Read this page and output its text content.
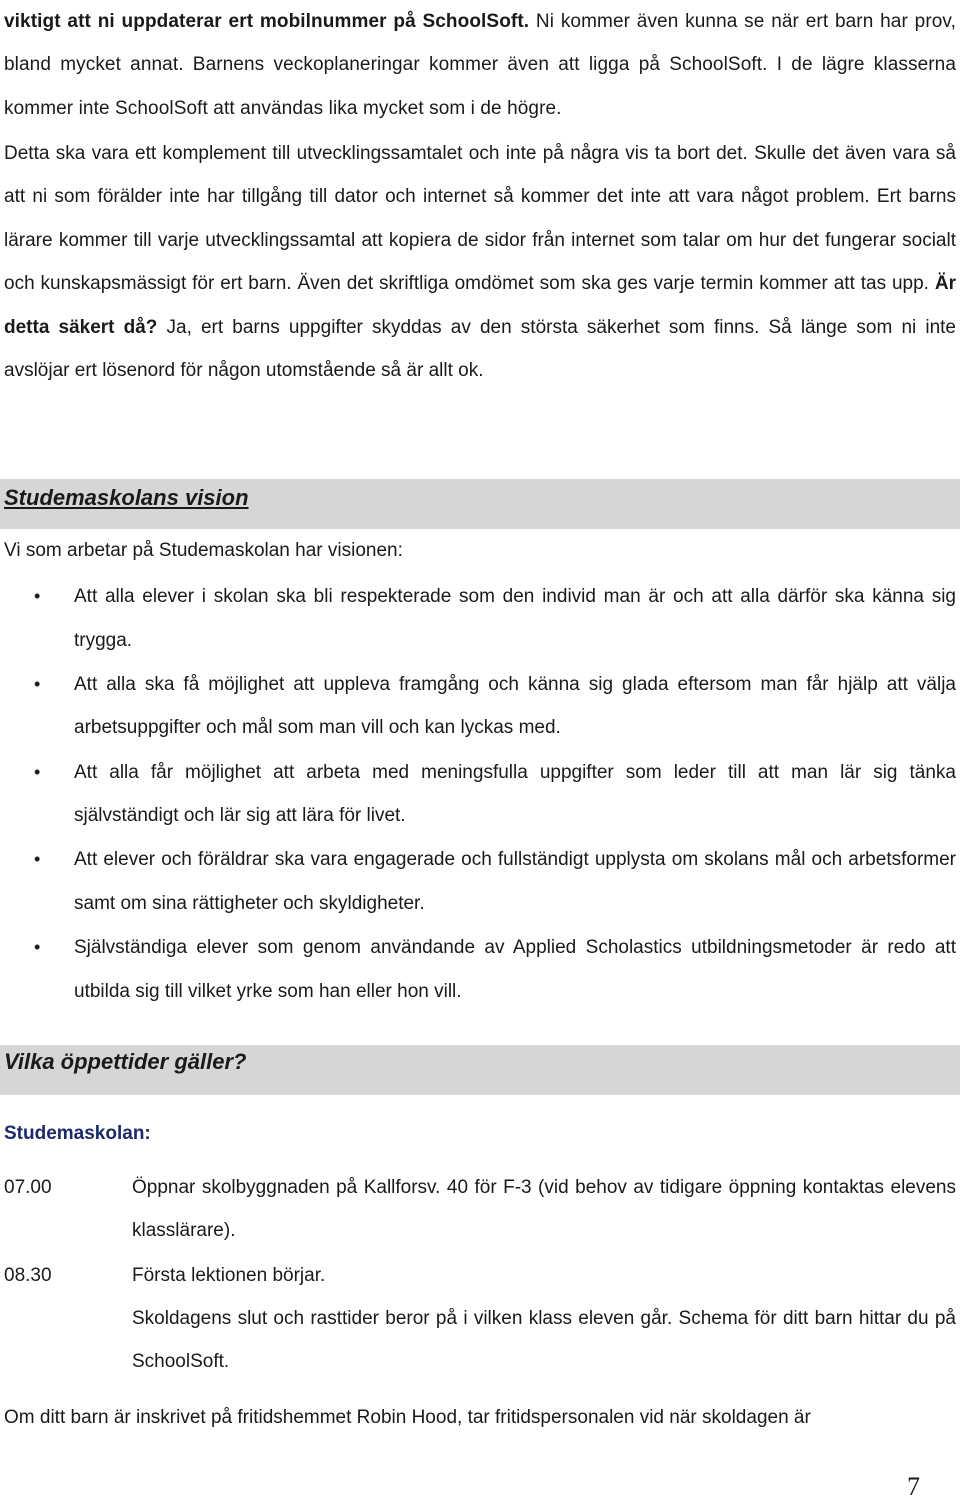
viktigt att ni uppdaterar ert mobilnummer på SchoolSoft. Ni kommer även kunna se när ert barn har prov, bland mycket annat. Barnens veckoplaneringar kommer även att ligga på SchoolSoft. I de lägre klasserna kommer inte SchoolSoft att användas lika mycket som i de högre.
Detta ska vara ett komplement till utvecklingssamtalet och inte på några vis ta bort det. Skulle det även vara så att ni som förälder inte har tillgång till dator och internet så kommer det inte att vara något problem. Ert barns lärare kommer till varje utvecklingssamtal att kopiera de sidor från internet som talar om hur det fungerar socialt och kunskapsmässigt för ert barn. Även det skriftliga omdömet som ska ges varje termin kommer att tas upp. Är detta säkert då? Ja, ert barns uppgifter skyddas av den största säkerhet som finns. Så länge som ni inte avslöjar ert lösenord för någon utomstående så är allt ok.
Studemaskolans vision
Vi som arbetar på Studemaskolan har visionen:
• Att alla elever i skolan ska bli respekterade som den individ man är och att alla därför ska känna sig trygga.
• Att alla ska få möjlighet att uppleva framgång och känna sig glada eftersom man får hjälp att välja arbetsuppgifter och mål som man vill och kan lyckas med.
• Att alla får möjlighet att arbeta med meningsfulla uppgifter som leder till att man lär sig tänka självständigt och lär sig att lära för livet.
• Att elever och föräldrar ska vara engagerade och fullständigt upplysta om skolans mål och arbetsformer samt om sina rättigheter och skyldigheter.
• Självständiga elever som genom användande av Applied Scholastics utbildningsmetoder är redo att utbilda sig till vilket yrke som han eller hon vill.
Vilka öppettider gäller?
Studemaskolan:
07.00	Öppnar skolbyggnaden på Kallforsv. 40 för F-3 (vid behov av tidigare öppning kontaktas elevens klasslärare).
08.30	Första lektionen börjar.
Skoldagens slut och rasttider beror på i vilken klass eleven går. Schema för ditt barn hittar du på SchoolSoft.
Om ditt barn är inskrivet på fritidshemmet Robin Hood, tar fritidspersonalen vid när skoldagen är
7
